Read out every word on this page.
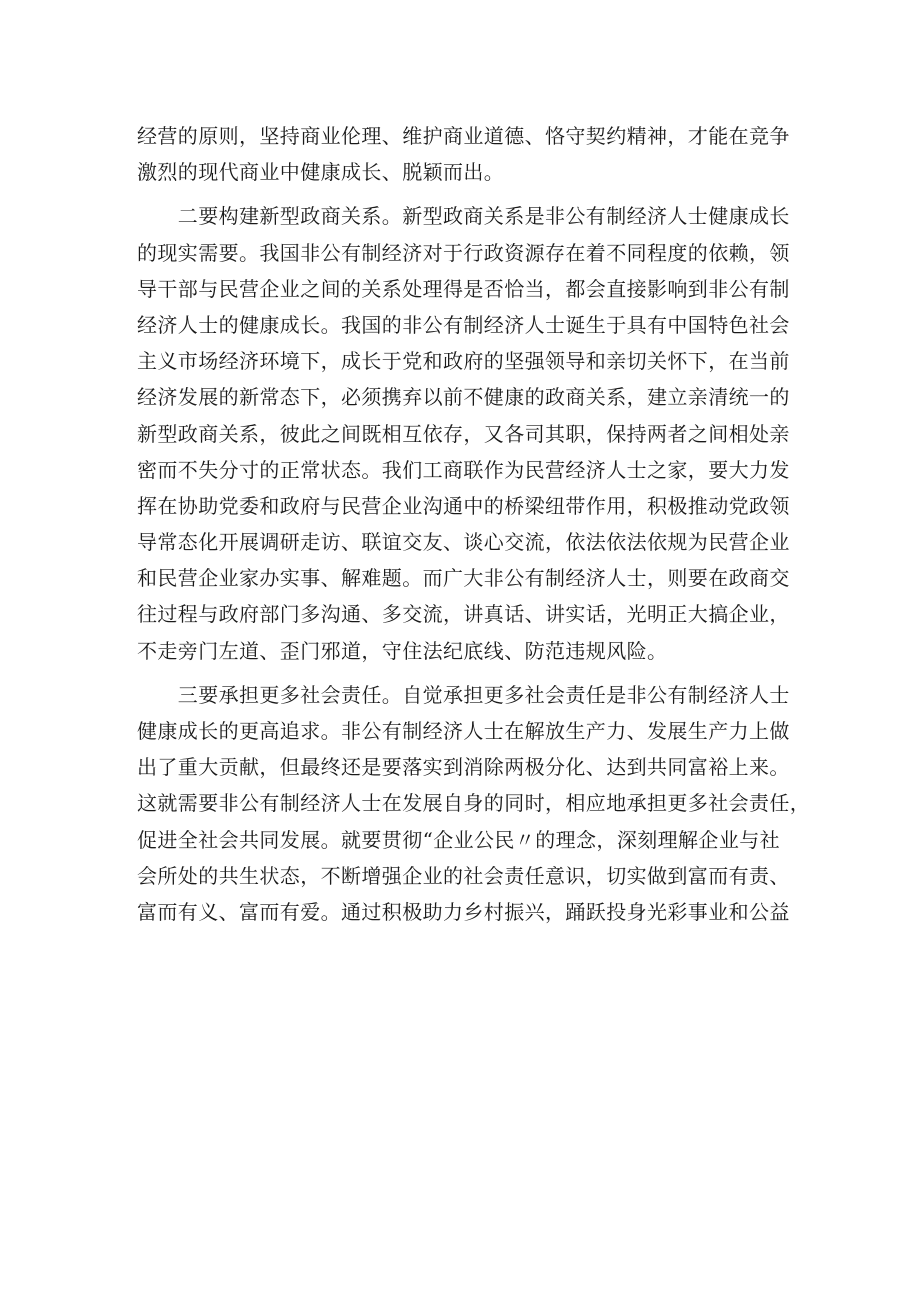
经营的原则，坚持商业伦理、维护商业道德、恪守契约精神，才能在竞争
激烈的现代商业中健康成长、脱颖而出。
　　二要构建新型政商关系。新型政商关系是非公有制经济人士健康成长
的现实需要。我国非公有制经济对于行政资源存在着不同程度的依赖，领
导干部与民营企业之间的关系处理得是否恰当，都会直接影响到非公有制
经济人士的健康成长。我国的非公有制经济人士诞生于具有中国特色社会
主义市场经济环境下，成长于党和政府的坚强领导和亲切关怀下，在当前
经济发展的新常态下，必须携弃以前不健康的政商关系，建立亲清统一的
新型政商关系，彼此之间既相互依存，又各司其职，保持两者之间相处亲
密而不失分寸的正常状态。我们工商联作为民营经济人士之家，要大力发
挥在协助党委和政府与民营企业沟通中的桥梁纽带作用，积极推动党政领
导常态化开展调研走访、联谊交友、谈心交流，依法依法依规为民营企业
和民营企业家办实事、解难题。而广大非公有制经济人士，则要在政商交
往过程与政府部门多沟通、多交流，讲真话、讲实话，光明正大搞企业，
不走旁门左道、歪门邪道，守住法纪底线、防范违规风险。
　　三要承担更多社会责任。自觉承担更多社会责任是非公有制经济人士
健康成长的更高追求。非公有制经济人士在解放生产力、发展生产力上做
出了重大贡献，但最终还是要落实到消除两极分化、达到共同富裕上来。
这就需要非公有制经济人士在发展自身的同时，相应地承担更多社会责任，
促进全社会共同发展。就要贯彻“企业公民〃的理念，深刻理解企业与社
会所处的共生状态，不断增强企业的社会责任意识，切实做到富而有责、
富而有义、富而有爱。通过积极助力乡村振兴，踊跃投身光彩事业和公益
